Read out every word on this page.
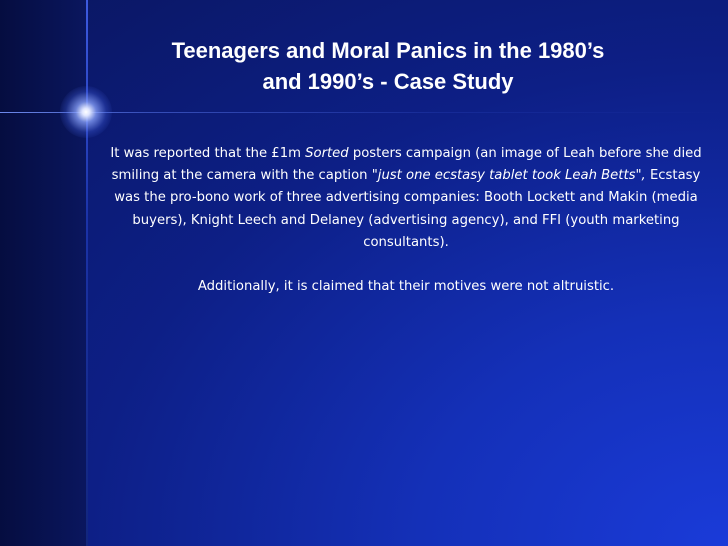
Teenagers and Moral Panics in the 1980’s
and 1990’s - Case Study

It was reported that the £1m Sorted posters campaign (an image of Leah before she died smiling at the camera with the caption "just one ecstasy tablet took Leah Betts", Ecstasy was the pro-bono work of three advertising companies: Booth Lockett and Makin (media buyers), Knight Leech and Delaney (advertising agency), and FFI (youth marketing consultants).

Additionally, it is claimed that their motives were not altruistic.
